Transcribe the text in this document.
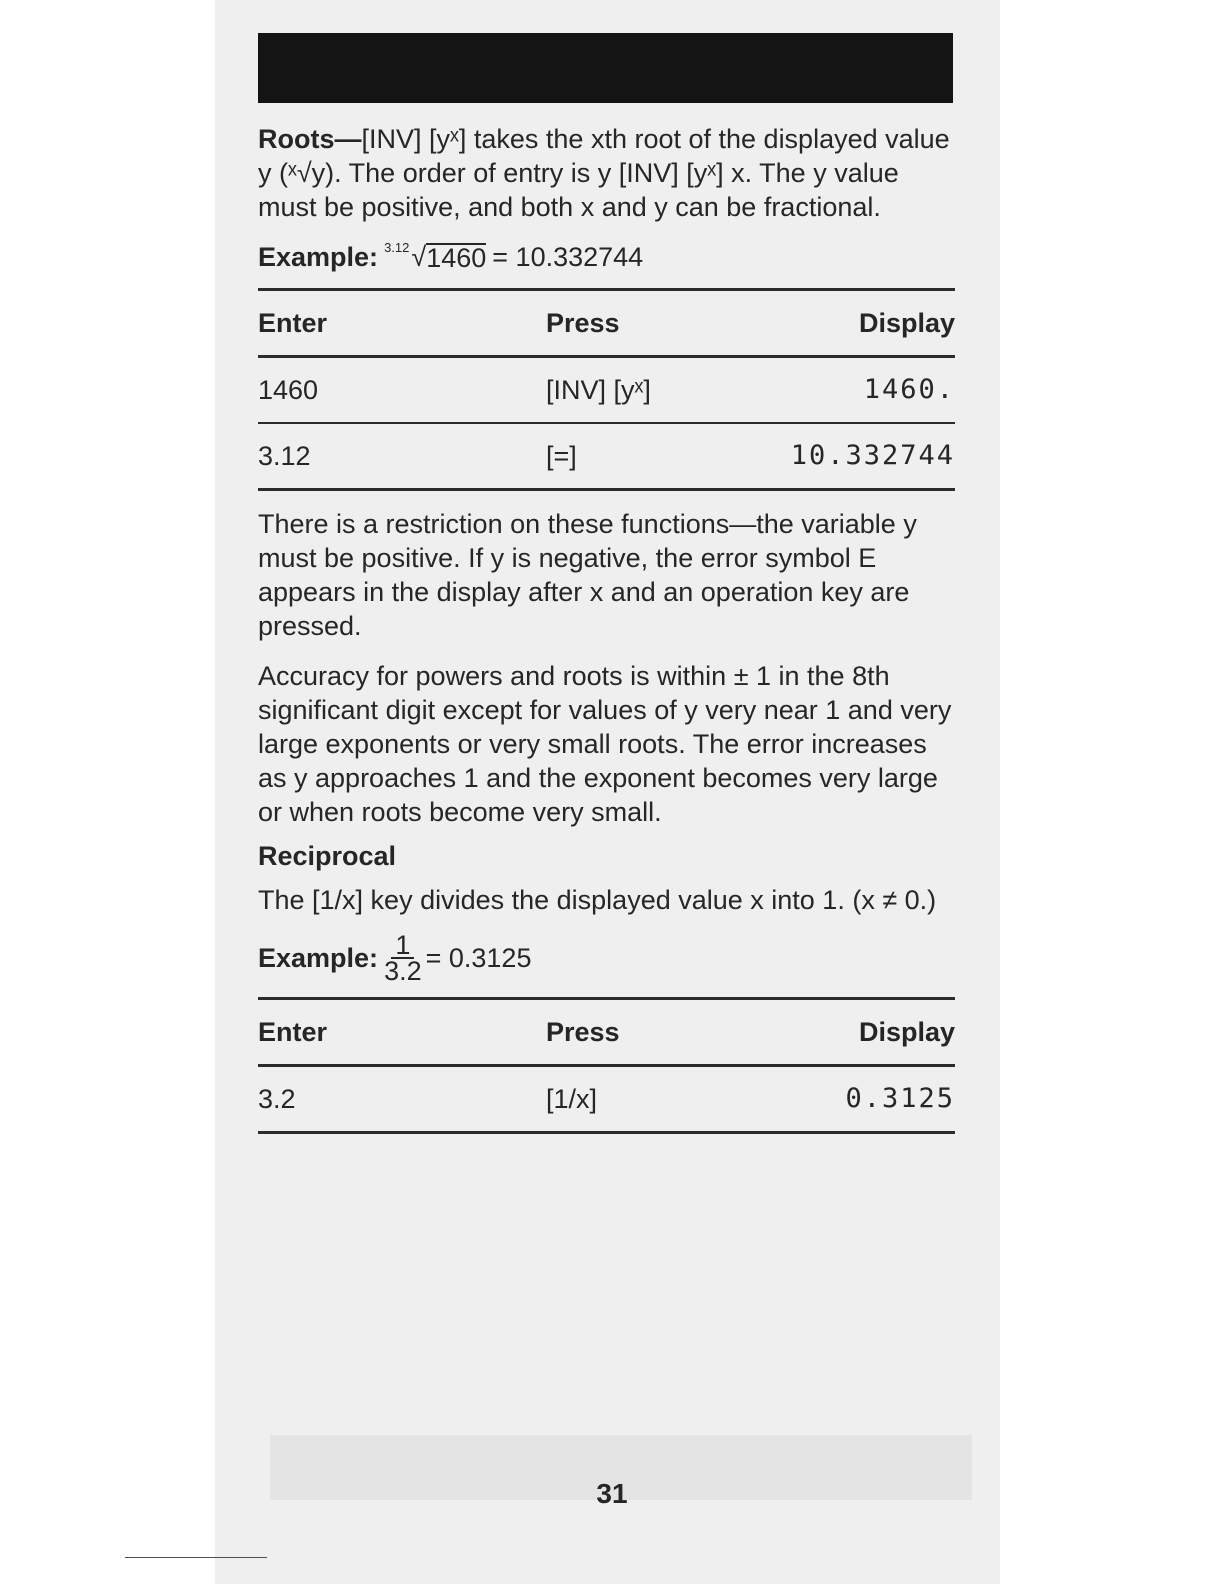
Roots—[INV] [yˣ] takes the xth root of the displayed value y (ˣ√y). The order of entry is y [INV] [yˣ] x. The y value must be positive, and both x and y can be fractional.

Example: 3.12 √ 1460 = 10.332744
Enter	Press	Display
1460	[INV] [yˣ]	1460.
3.12	[=]	10.332744

There is a restriction on these functions—the variable y must be positive. If y is negative, the error symbol E appears in the display after x and an operation key are pressed.

Accuracy for powers and roots is within ± 1 in the 8th significant digit except for values of y very near 1 and very large exponents or very small roots. The error increases as y approaches 1 and the exponent becomes very large or when roots become very small.

Reciprocal

The [1/x] key divides the displayed value x into 1. (x ≠ 0.)

Example: $\frac{1}{3.2} = 0.3125$
Enter	Press	Display
3.2	[1/x]	0.3125
31
